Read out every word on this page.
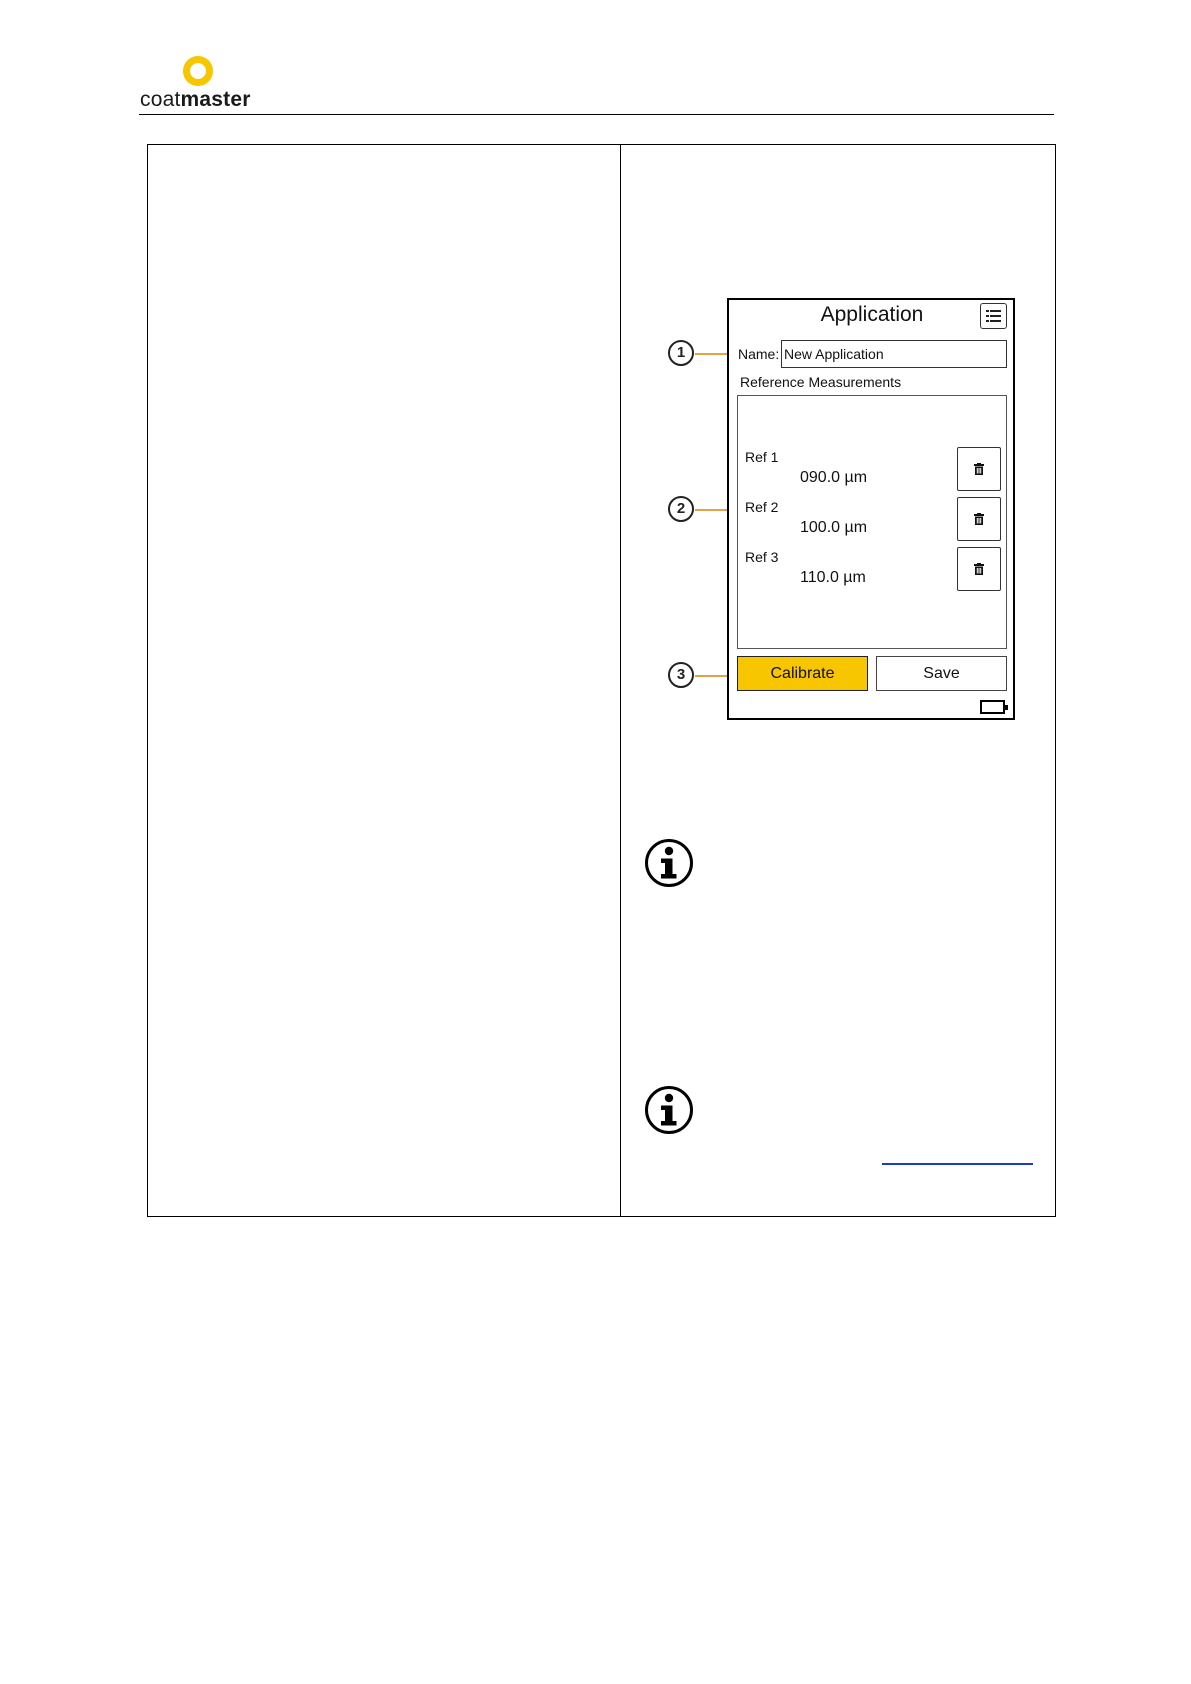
coatmaster
1
2
3
Application
Name:
New Application
Reference Measurements
Ref 1
090.0 µm
Ref 2
100.0 µm
Ref 3
110.0 µm
Calibrate	Save
